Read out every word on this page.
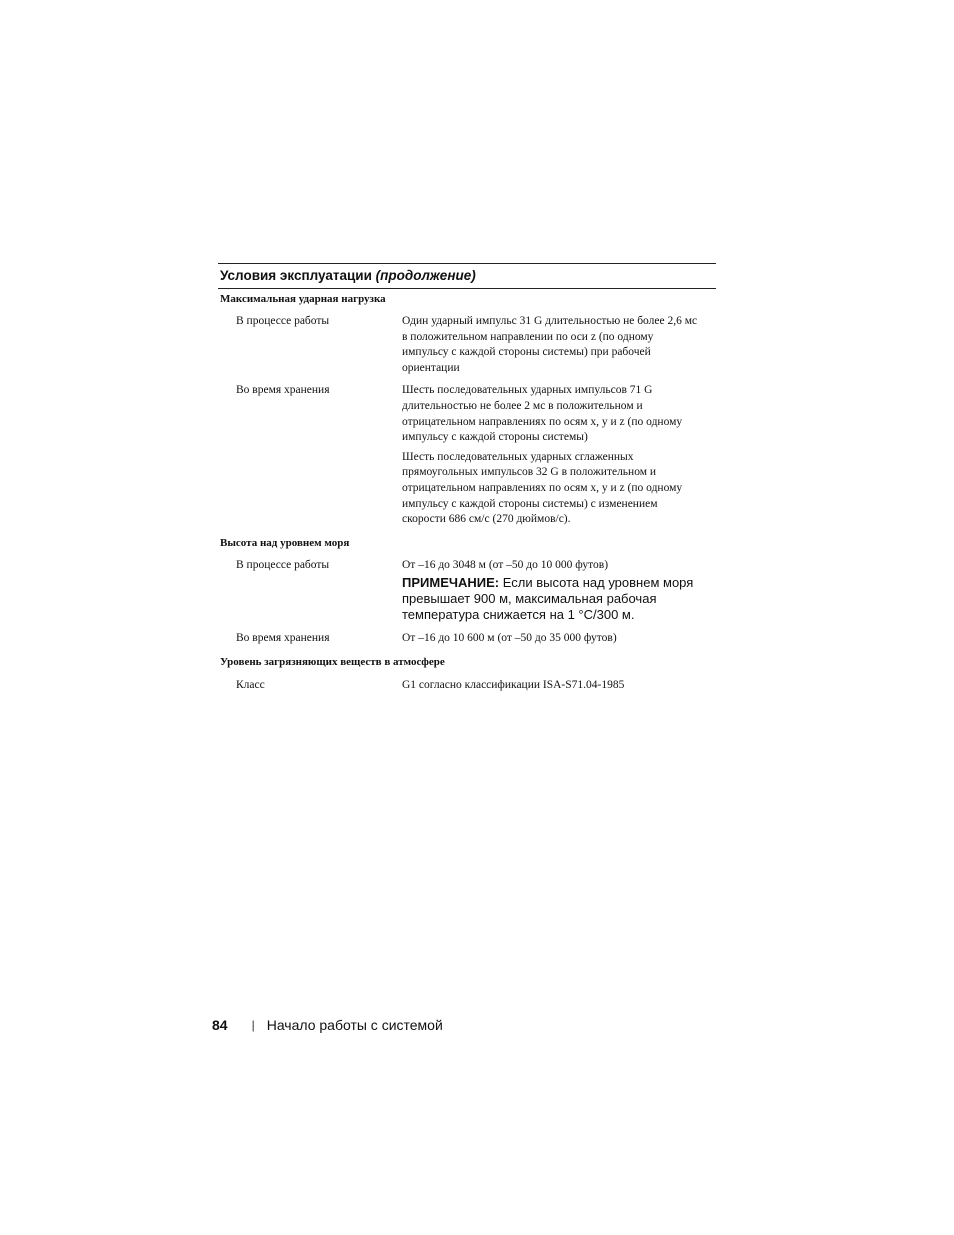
Условия эксплуатации (продолжение)
Максимальная ударная нагрузка
В процессе работы	Один ударный импульс 31 G длительностью не более 2,6 мс в положительном направлении по оси z (по одному импульсу с каждой стороны системы) при рабочей ориентации
Во время хранения	Шесть последовательных ударных импульсов 71 G длительностью не более 2 мс в положительном и отрицательном направлениях по осям x, y и z (по одному импульсу с каждой стороны системы)
Шесть последовательных ударных сглаженных прямоугольных импульсов 32 G в положительном и отрицательном направлениях по осям x, y и z (по одному импульсу с каждой стороны системы) с изменением скорости 686 см/с (270 дюймов/с).
Высота над уровнем моря
В процессе работы	От –16 до 3048 м (от –50 до 10 000 футов)
ПРИМЕЧАНИЕ: Если высота над уровнем моря превышает 900 м, максимальная рабочая температура снижается на 1 °С/300 м.
Во время хранения	От –16 до 10 600 м (от –50 до 35 000 футов)
Уровень загрязняющих веществ в атмосфере
Класс	G1 согласно классификации ISA-S71.04-1985
84 | Начало работы с системой
